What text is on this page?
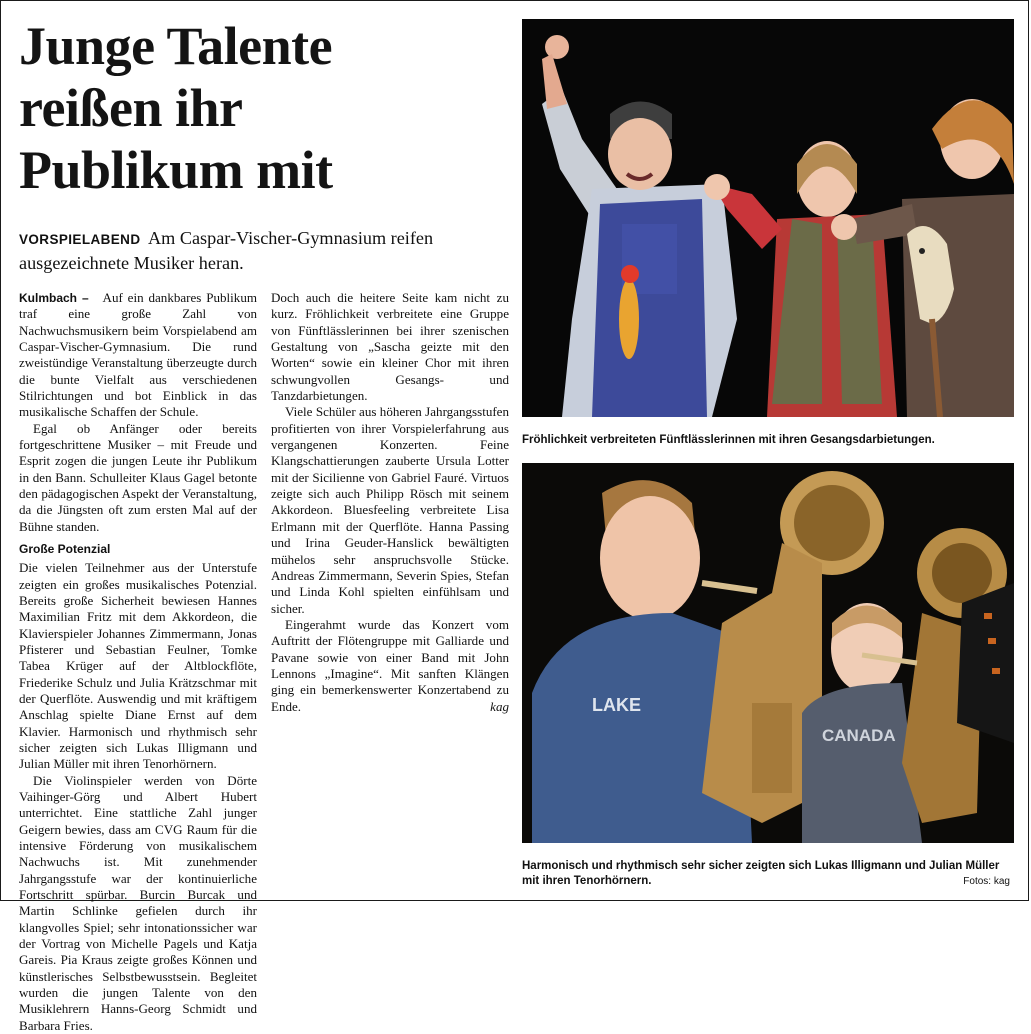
Junge Talente
reißen ihr
Publikum mit
VORSPIELABEND Am Caspar-Vischer-Gymnasium reifen ausgezeichnete Musiker heran.

Kulmbach – Auf ein dankbares Publikum traf eine große Zahl von Nachwuchsmusikern beim Vorspielabend am Caspar-Vischer-Gymnasium. Die rund zweistündige Veranstaltung überzeugte durch die bunte Vielfalt aus verschiedenen Stilrichtungen und bot Einblick in das musikalische Schaffen der Schule.

Egal ob Anfänger oder bereits fortgeschrittene Musiker – mit Freude und Esprit zogen die jungen Leute ihr Publikum in den Bann. Schulleiter Klaus Gagel betonte den pädagogischen Aspekt der Veranstaltung, da die Jüngsten oft zum ersten Mal auf der Bühne standen.

Große Potenzial

Die vielen Teilnehmer aus der Unterstufe zeigten ein großes musikalisches Potenzial. Bereits große Sicherheit bewiesen Hannes Maximilian Fritz mit dem Akkordeon, die Klavierspieler Johannes Zimmermann, Jonas Pfisterer und Sebastian Feulner, Tomke Tabea Krüger auf der Altblockflöte, Friederike Schulz und Julia Krätzschmar mit der Querflöte. Auswendig und mit kräftigem Anschlag spielte Diane Ernst auf dem Klavier. Harmonisch und rhythmisch sehr sicher zeigten sich Lukas Illigmann und Julian Müller mit ihren Tenorhörnern.

Die Violinspieler werden von Dörte Vaihinger-Görg und Albert Hubert unterrichtet. Eine stattliche Zahl junger Geigern bewies, dass am CVG Raum für die intensive Förderung von musikalischem Nachwuchs ist. Mit zunehmender Jahrgangsstufe war der kontinuierliche Fortschritt spürbar. Burcin Burcak und Martin Schlinke gefielen durch ihr klangvolles Spiel; sehr intonationssicher war der Vortrag von Michelle Pagels und Katja Gareis. Pia Kraus zeigte großes Können und künstlerisches Selbstbewusstsein. Begleitet wurden die jungen Talente von den Musiklehrern Hanns-Georg Schmidt und Barbara Fries.

Doch auch die heitere Seite kam nicht zu kurz. Fröhlichkeit verbreitete eine Gruppe von Fünftlässlerinnen bei ihrer szenischen Gestaltung von „Sascha geizte mit den Worten“ sowie ein kleiner Chor mit ihren schwungvollen Gesangs- und Tanzdarbietungen.

Viele Schüler aus höheren Jahrgangsstufen profitierten von ihrer Vorspielerfahrung aus vergangenen Konzerten. Feine Klangschattierungen zauberte Ursula Lotter mit der Sicilienne von Gabriel Fauré. Virtuos zeigte sich auch Philipp Rösch mit seinem Akkordeon. Bluesfeeling verbreitete Lisa Erlmann mit der Querflöte. Hanna Passing und Irina Geuder-Hanslick bewältigten mühelos sehr anspruchsvolle Stücke. Andreas Zimmermann, Severin Spies, Stefan und Linda Kohl spielten einfühlsam und sicher.

Eingerahmt wurde das Konzert vom Auftritt der Flötengruppe mit Galliarde und Pavane sowie von einer Band mit John Lennons „Imagine“. Mit sanften Klängen ging ein bemerkenswerter Konzertabend zu Ende.	kag

Fröhlichkeit verbreiteten Fünftlässlerinnen mit ihren Gesangsdarbietungen.
LAKE
CANADA
Harmonisch und rhythmisch sehr sicher zeigten sich Lukas Illigmann und Julian Müller mit ihren Tenorhörnern.	Fotos: kag
